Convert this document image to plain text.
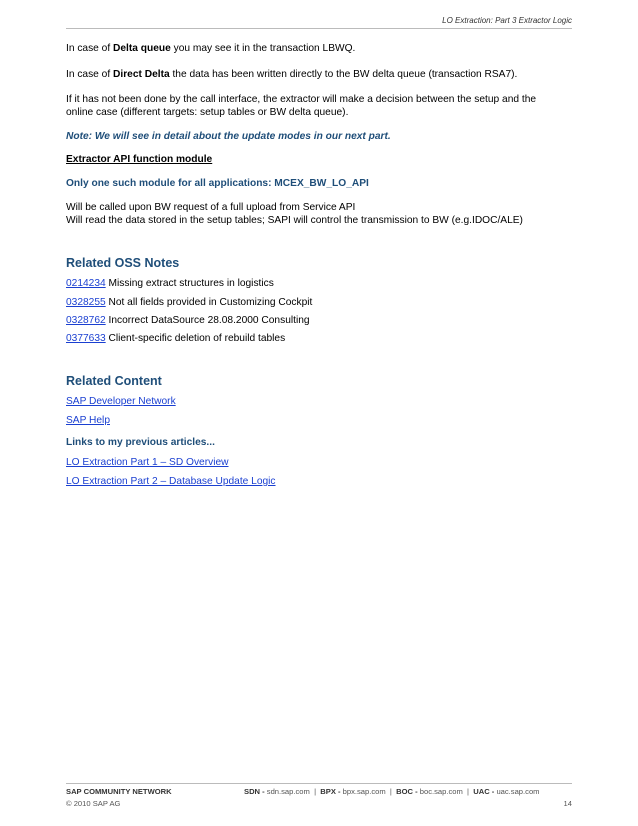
LO Extraction: Part 3 Extractor Logic

In case of Delta queue you may see it in the transaction LBWQ.

In case of Direct Delta the data has been written directly to the BW delta queue (transaction RSA7).

If it has not been done by the call interface, the extractor will make a decision between the setup and the
online case (different targets: setup tables or BW delta queue).

Note: We will see in detail about the update modes in our next part.

Extractor API function module

Only one such module for all applications: MCEX_BW_LO_API

Will be called upon BW request of a full upload from Service API
Will read the data stored in the setup tables; SAPI will control the transmission to BW (e.g.IDOC/ALE)

Related OSS Notes

0214234 Missing extract structures in logistics

0328255 Not all fields provided in Customizing Cockpit

0328762 Incorrect DataSource 28.08.2000 Consulting

0377633 Client-specific deletion of rebuild tables

Related Content

SAP Developer Network

SAP Help

Links to my previous articles...

LO Extraction Part 1 – SD Overview

LO Extraction Part 2 – Database Update Logic

SAP COMMUNITY NETWORK	SDN - sdn.sap.com  |  BPX - bpx.sap.com  |  BOC - boc.sap.com  |  UAC - uac.sap.com
© 2010 SAP AG	14
